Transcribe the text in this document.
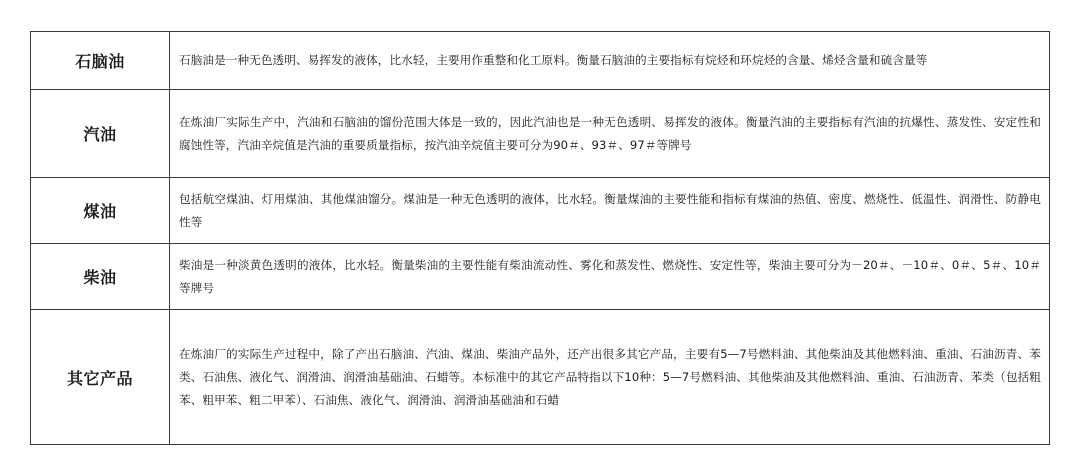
石脑油	石脑油是一种无色透明、易挥发的液体，比水轻，主要用作重整和化工原料。衡量石脑油的主要指标有烷烃和环烷烃的含量、烯烃含量和硫含量等
汽油	在炼油厂实际生产中，汽油和石脑油的馏份范围大体是一致的，因此汽油也是一种无色透明、易挥发的液体。衡量汽油的主要指标有汽油的抗爆性、蒸发性、安定性和腐蚀性等，汽油辛烷值是汽油的重要质量指标，按汽油辛烷值主要可分为90＃、93＃、97＃等牌号
煤油	包括航空煤油、灯用煤油、其他煤油馏分。煤油是一种无色透明的液体，比水轻。衡量煤油的主要性能和指标有煤油的热值、密度、燃烧性、低温性、润滑性、防静电性等
柴油	柴油是一种淡黄色透明的液体，比水轻。衡量柴油的主要性能有柴油流动性、雾化和蒸发性、燃烧性、安定性等，柴油主要可分为－20＃、－10＃、0＃、5＃、10＃等牌号
其它产品	在炼油厂的实际生产过程中，除了产出石脑油、汽油、煤油、柴油产品外，还产出很多其它产品，主要有5—7号燃料油、其他柴油及其他燃料油、重油、石油沥青、苯类、石油焦、液化气、润滑油、润滑油基础油、石蜡等。本标准中的其它产品特指以下10种：5—7号燃料油、其他柴油及其他燃料油、重油、石油沥青、苯类（包括粗苯、粗甲苯、粗二甲苯）、石油焦、液化气、润滑油、润滑油基础油和石蜡
